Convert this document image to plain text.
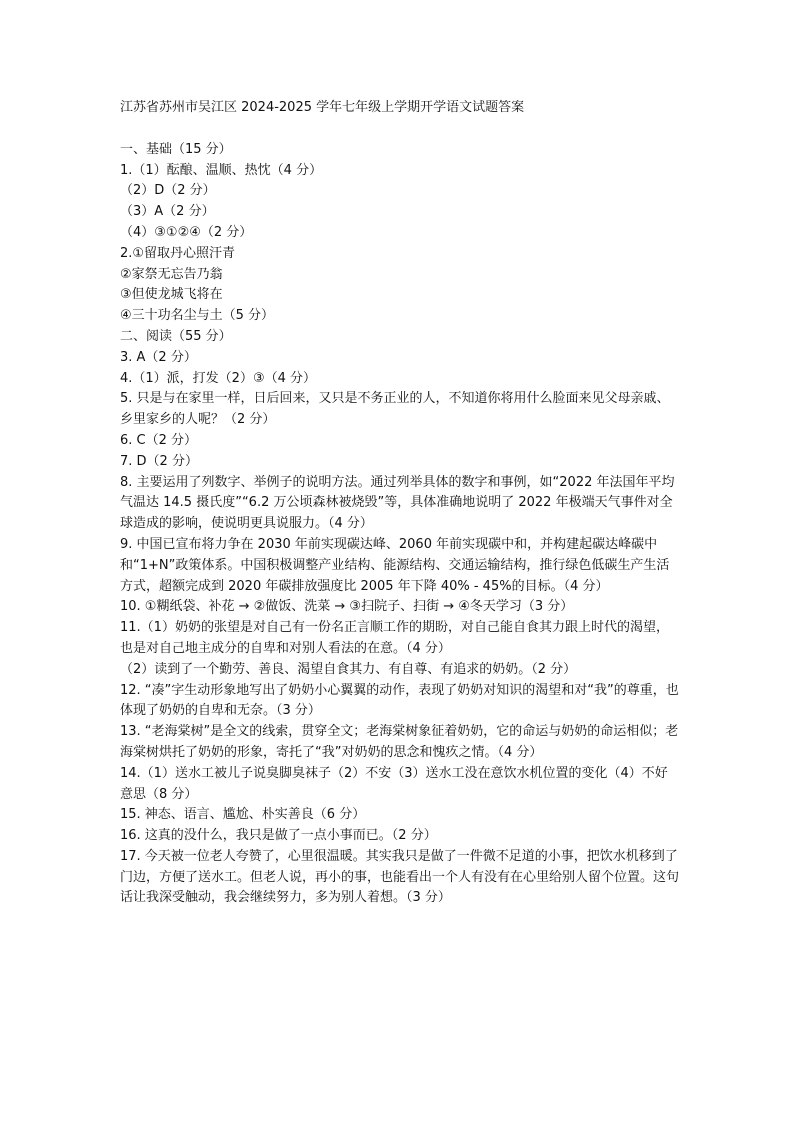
江苏省苏州市吴江区 2024-2025 学年七年级上学期开学语文试题答案
一、基础（15 分）
1.（1）酝酿、温顺、热忱（4 分）
（2）D（2 分）
（3）A（2 分）
（4）③①②④（2 分）
2.①留取丹心照汗青
②家祭无忘告乃翁
③但使龙城飞将在
④三十功名尘与土（5 分）
二、阅读（55 分）
3. A（2 分）
4.（1）派，打发（2）③（4 分）
5. 只是与在家里一样，日后回来，又只是不务正业的人，不知道你将用什么脸面来见父母亲戚、乡里家乡的人呢？（2 分）
6. C（2 分）
7. D（2 分）
8. 主要运用了列数字、举例子的说明方法。通过列举具体的数字和事例，如“2022 年法国年平均气温达 14.5 摄氏度”“6.2 万公顷森林被烧毁”等，具体准确地说明了 2022 年极端天气事件对全球造成的影响，使说明更具说服力。（4 分）
9. 中国已宣布将力争在 2030 年前实现碳达峰、2060 年前实现碳中和，并构建起碳达峰碳中和“1+N”政策体系。中国积极调整产业结构、能源结构、交通运输结构，推行绿色低碳生产生活方式，超额完成到 2020 年碳排放强度比 2005 年下降 40% - 45%的目标。（4 分）
10. ①糊纸袋、补花 → ②做饭、洗菜 → ③扫院子、扫街 → ④冬天学习（3 分）
11.（1）奶奶的张望是对自己有一份名正言顺工作的期盼，对自己能自食其力跟上时代的渴望，也是对自己地主成分的自卑和对别人看法的在意。（4 分）
（2）读到了一个勤劳、善良、渴望自食其力、有自尊、有追求的奶奶。（2 分）
12. “凑”字生动形象地写出了奶奶小心翼翼的动作，表现了奶奶对知识的渴望和对“我”的尊重，也体现了奶奶的自卑和无奈。（3 分）
13. “老海棠树”是全文的线索，贯穿全文；老海棠树象征着奶奶，它的命运与奶奶的命运相似；老海棠树烘托了奶奶的形象，寄托了“我”对奶奶的思念和愧疚之情。（4 分）
14.（1）送水工被儿子说臭脚臭袜子（2）不安（3）送水工没在意饮水机位置的变化（4）不好意思（8 分）
15. 神态、语言、尴尬、朴实善良（6 分）
16. 这真的没什么，我只是做了一点小事而已。（2 分）
17. 今天被一位老人夸赞了，心里很温暖。其实我只是做了一件微不足道的小事，把饮水机移到了门边，方便了送水工。但老人说，再小的事，也能看出一个人有没有在心里给别人留个位置。这句话让我深受触动，我会继续努力，多为别人着想。（3 分）
